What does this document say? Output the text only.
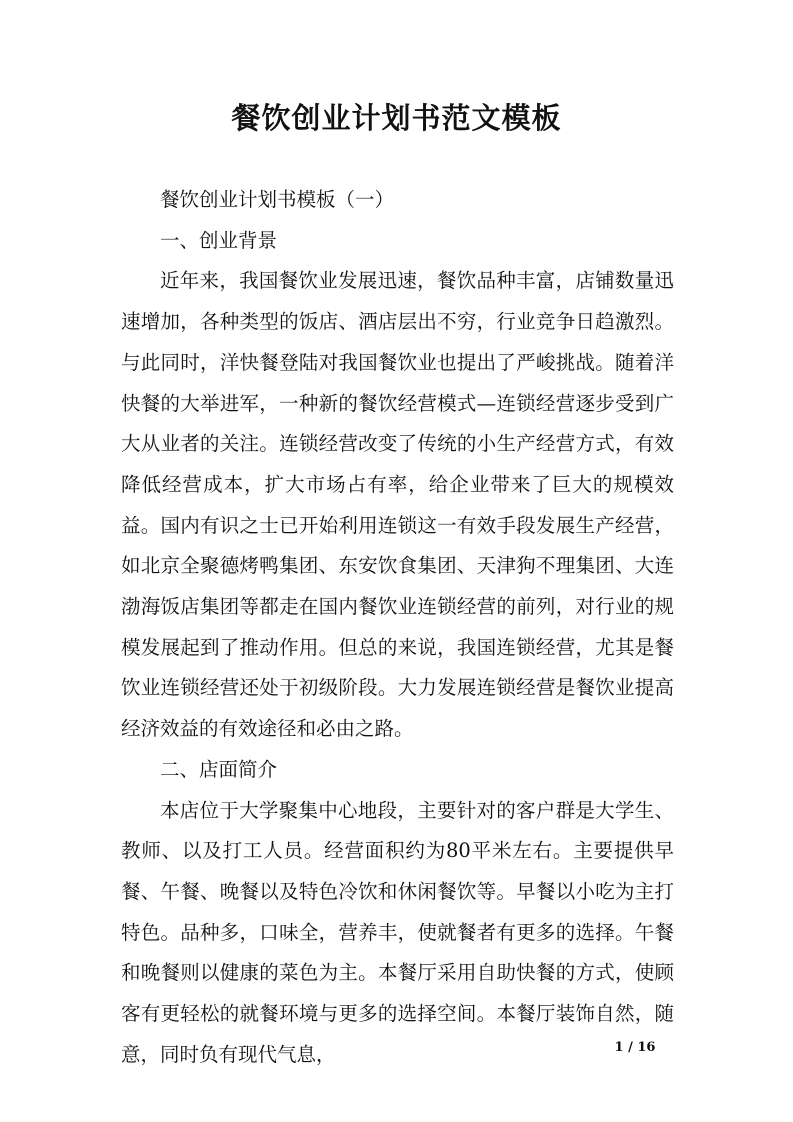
餐饮创业计划书范文模板

餐饮创业计划书模板（一）

一、创业背景

近年来，我国餐饮业发展迅速，餐饮品种丰富，店铺数量迅速增加，各种类型的饭店、酒店层出不穷，行业竞争日趋激烈。与此同时，洋快餐登陆对我国餐饮业也提出了严峻挑战。随着洋快餐的大举进军，一种新的餐饮经营模式—连锁经营逐步受到广大从业者的关注。连锁经营改变了传统的小生产经营方式，有效降低经营成本，扩大市场占有率，给企业带来了巨大的规模效益。国内有识之士已开始利用连锁这一有效手段发展生产经营，如北京全聚德烤鸭集团、东安饮食集团、天津狗不理集团、大连渤海饭店集团等都走在国内餐饮业连锁经营的前列，对行业的规模发展起到了推动作用。但总的来说，我国连锁经营，尤其是餐饮业连锁经营还处于初级阶段。大力发展连锁经营是餐饮业提高经济效益的有效途径和必由之路。

二、店面简介

本店位于大学聚集中心地段，主要针对的客户群是大学生、教师、以及打工人员。经营面积约为80平米左右。主要提供早餐、午餐、晚餐以及特色冷饮和休闲餐饮等。早餐以小吃为主打特色。品种多，口味全，营养丰，使就餐者有更多的选择。午餐和晚餐则以健康的菜色为主。本餐厅采用自助快餐的方式，使顾客有更轻松的就餐环境与更多的选择空间。本餐厅装饰自然，随意，同时负有现代气息，	1 / 16
